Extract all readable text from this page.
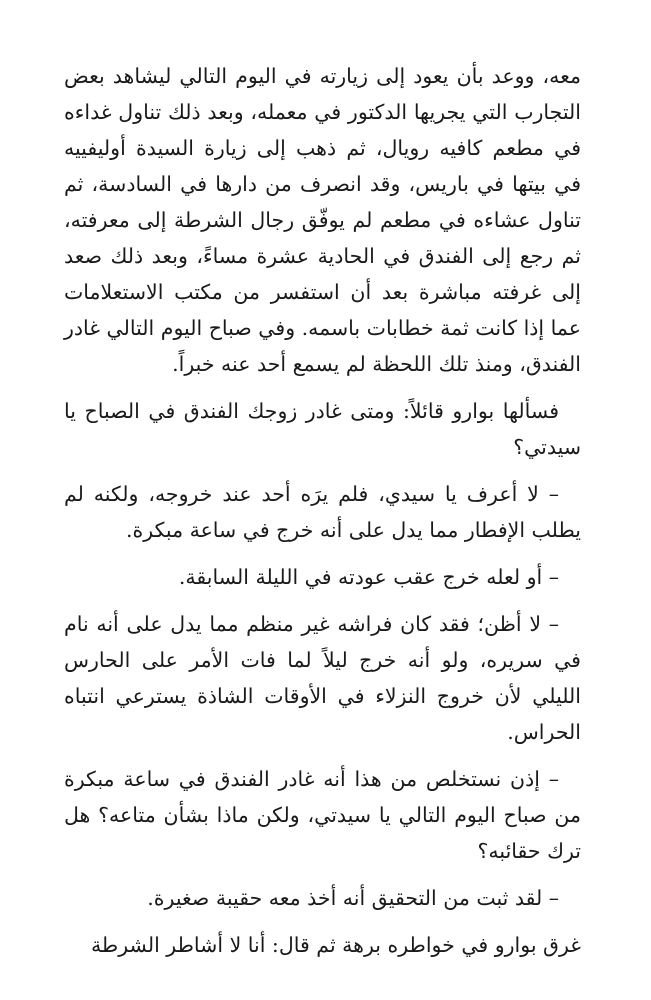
معه، ووعد بأن يعود إلى زيارته في اليوم التالي ليشاهد بعض التجارب التي يجريها الدكتور في معمله، وبعد ذلك تناول غداءه في مطعم كافيه رويال، ثم ذهب إلى زيارة السيدة أوليفييه في بيتها في باريس، وقد انصرف من دارها في السادسة، ثم تناول عشاءه في مطعم لم يوفّق رجال الشرطة إلى معرفته، ثم رجع إلى الفندق في الحادية عشرة مساءً، وبعد ذلك صعد إلى غرفته مباشرة بعد أن استفسر من مكتب الاستعلامات عما إذا كانت ثمة خطابات باسمه. وفي صباح اليوم التالي غادر الفندق، ومنذ تلك اللحظة لم يسمع أحد عنه خبراً.

فسألها بوارو قائلاً: ومتى غادر زوجك الفندق في الصباح يا سيدتي؟

– لا أعرف يا سيدي، فلم يرَه أحد عند خروجه، ولكنه لم يطلب الإفطار مما يدل على أنه خرج في ساعة مبكرة.

– أو لعله خرج عقب عودته في الليلة السابقة.

– لا أظن؛ فقد كان فراشه غير منظم مما يدل على أنه نام في سريره، ولو أنه خرج ليلاً لما فات الأمر على الحارس الليلي لأن خروج النزلاء في الأوقات الشاذة يسترعي انتباه الحراس.

– إذن نستخلص من هذا أنه غادر الفندق في ساعة مبكرة من صباح اليوم التالي يا سيدتي، ولكن ماذا بشأن متاعه؟ هل ترك حقائبه؟

– لقد ثبت من التحقيق أنه أخذ معه حقيبة صغيرة.

غرق بوارو في خواطره برهة ثم قال: أنا لا أشاطر الشرطة
